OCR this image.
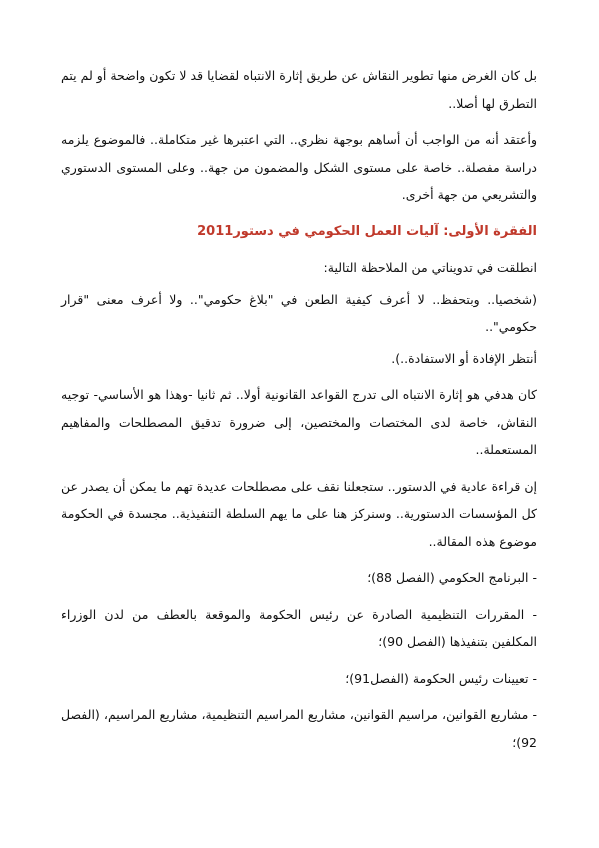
بل كان الغرض منها تطوير النقاش عن طريق إثارة الانتباه لقضايا قد لا تكون واضحة أو لم يتم التطرق لها أصلا..

وأعتقد أنه من الواجب أن أساهم بوجهة نظري.. التي اعتبرها غير متكاملة.. فالموضوع يلزمه دراسة مفصلة.. خاصة على مستوى الشكل والمضمون من جهة.. وعلى المستوى الدستوري والتشريعي من جهة أخرى.

الفقرة الأولى: آليات العمل الحكومي في دستور2011

انطلقت في تدويناتي من الملاحظة التالية:

(شخصيا.. وبتحفظ.. لا أعرف كيفية الطعن في "بلاغ حكومي".. ولا أعرف معنى "قرار حكومي"..

أنتظر الإفادة أو الاستفادة..).

كان هدفي هو إثارة الانتباه الى تدرج القواعد القانونية أولا.. ثم ثانيا -وهذا هو الأساسي- توجيه النقاش، خاصة لدى المختصات والمختصين، إلى ضرورة تدقيق المصطلحات والمفاهيم المستعملة..

إن قراءة عادية في الدستور.. ستجعلنا نقف على مصطلحات عديدة تهم ما يمكن أن يصدر عن كل المؤسسات الدستورية.. وسنركز هنا على ما يهم السلطة التنفيذية.. مجسدة في الحكومة موضوع هذه المقالة..

- البرنامج الحكومي (الفصل 88)؛

- المقررات التنظيمية الصادرة عن رئيس الحكومة والموقعة بالعطف من لدن الوزراء المكلفين بتنفيذها (الفصل 90)؛

- تعيينات رئيس الحكومة (الفصل91)؛

- مشاريع القوانين، مراسيم القوانين، مشاريع المراسيم التنظيمية، مشاريع المراسيم، (الفصل 92)؛
